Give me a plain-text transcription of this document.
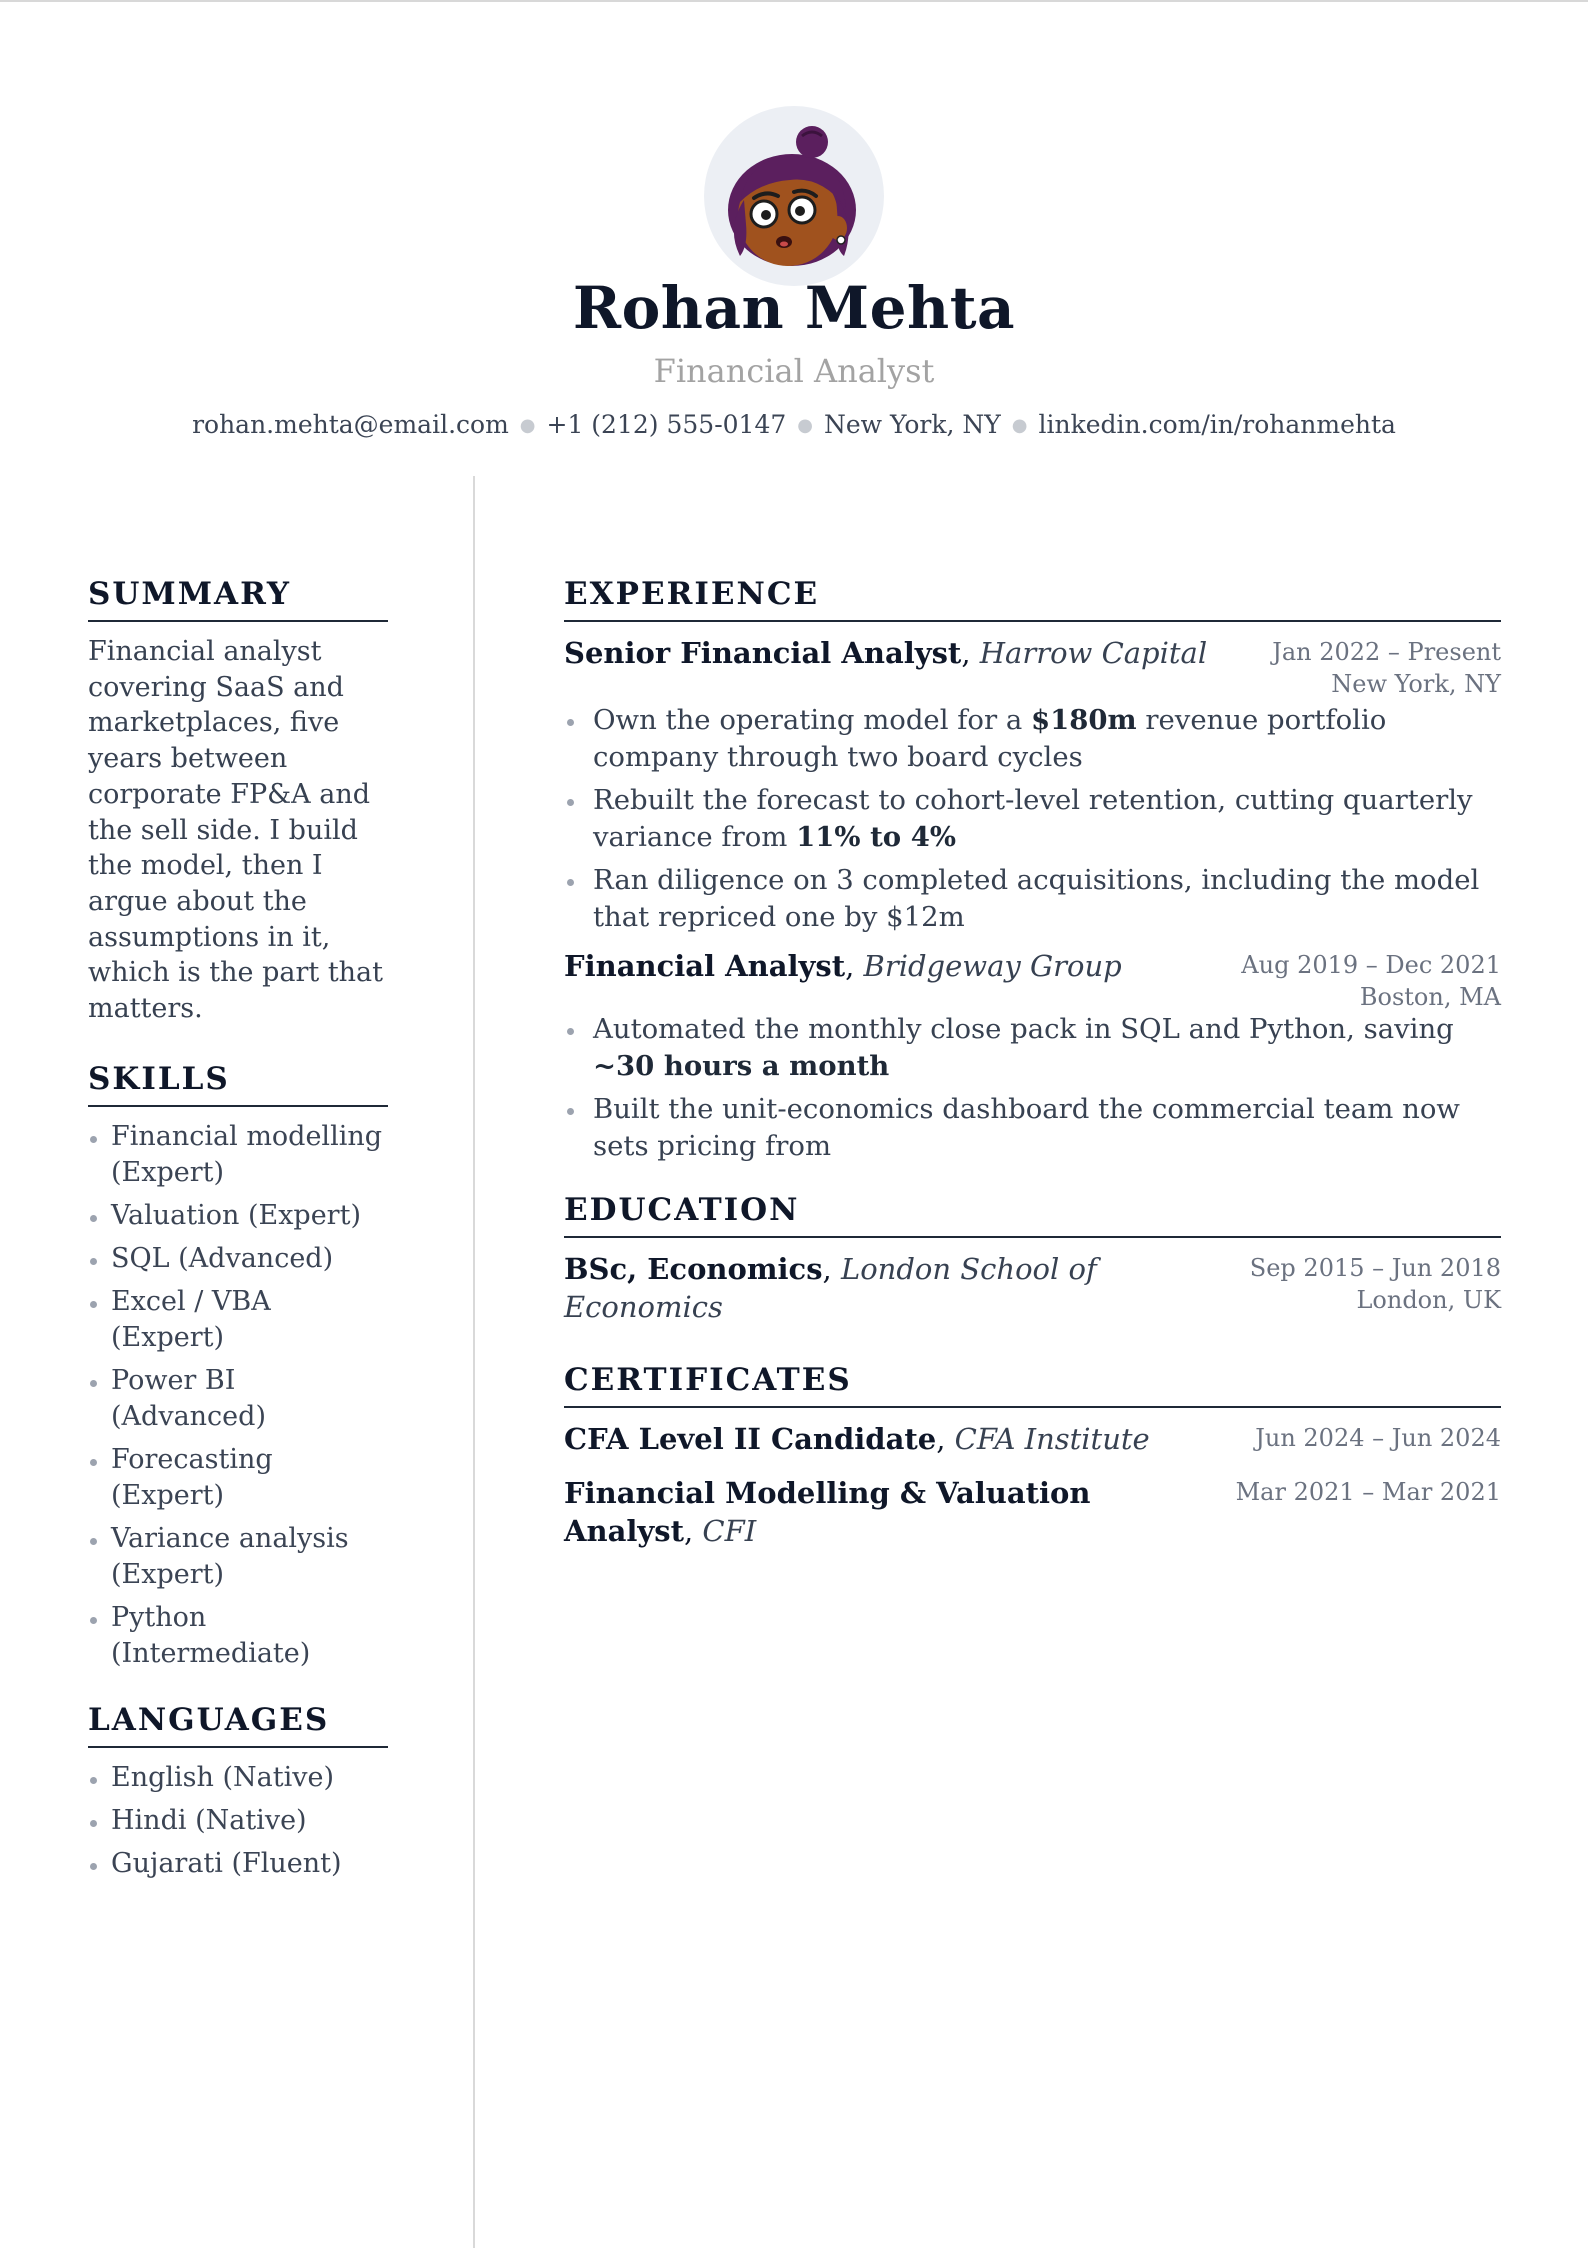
Rohan Mehta
Financial Analyst
rohan.mehta@email.com ● +1 (212) 555-0147 ● New York, NY ● linkedin.com/in/rohanmehta
SUMMARY
Financial analyst covering SaaS and marketplaces, five years between corporate FP&A and the sell side. I build the model, then I argue about the assumptions in it, which is the part that matters.
SKILLS
Financial modelling (Expert)
Valuation (Expert)
SQL (Advanced)
Excel / VBA (Expert)
Power BI (Advanced)
Forecasting (Expert)
Variance analysis (Expert)
Python (Intermediate)
LANGUAGES
English (Native)
Hindi (Native)
Gujarati (Fluent)
EXPERIENCE
Senior Financial Analyst, Harrow Capital	Jan 2022 – Present
New York, NY
Own the operating model for a $180m revenue portfolio company through two board cycles
Rebuilt the forecast to cohort-level retention, cutting quarterly variance from 11% to 4%
Ran diligence on 3 completed acquisitions, including the model that repriced one by $12m
Financial Analyst, Bridgeway Group	Aug 2019 – Dec 2021
Boston, MA
Automated the monthly close pack in SQL and Python, saving ~30 hours a month
Built the unit-economics dashboard the commercial team now sets pricing from
EDUCATION
BSc, Economics, London School of Economics
Sep 2015 – Jun 2018
London, UK
CERTIFICATES
CFA Level II Candidate, CFA Institute	Jun 2024 – Jun 2024
Financial Modelling & Valuation Analyst, CFI
Mar 2021 – Mar 2021
